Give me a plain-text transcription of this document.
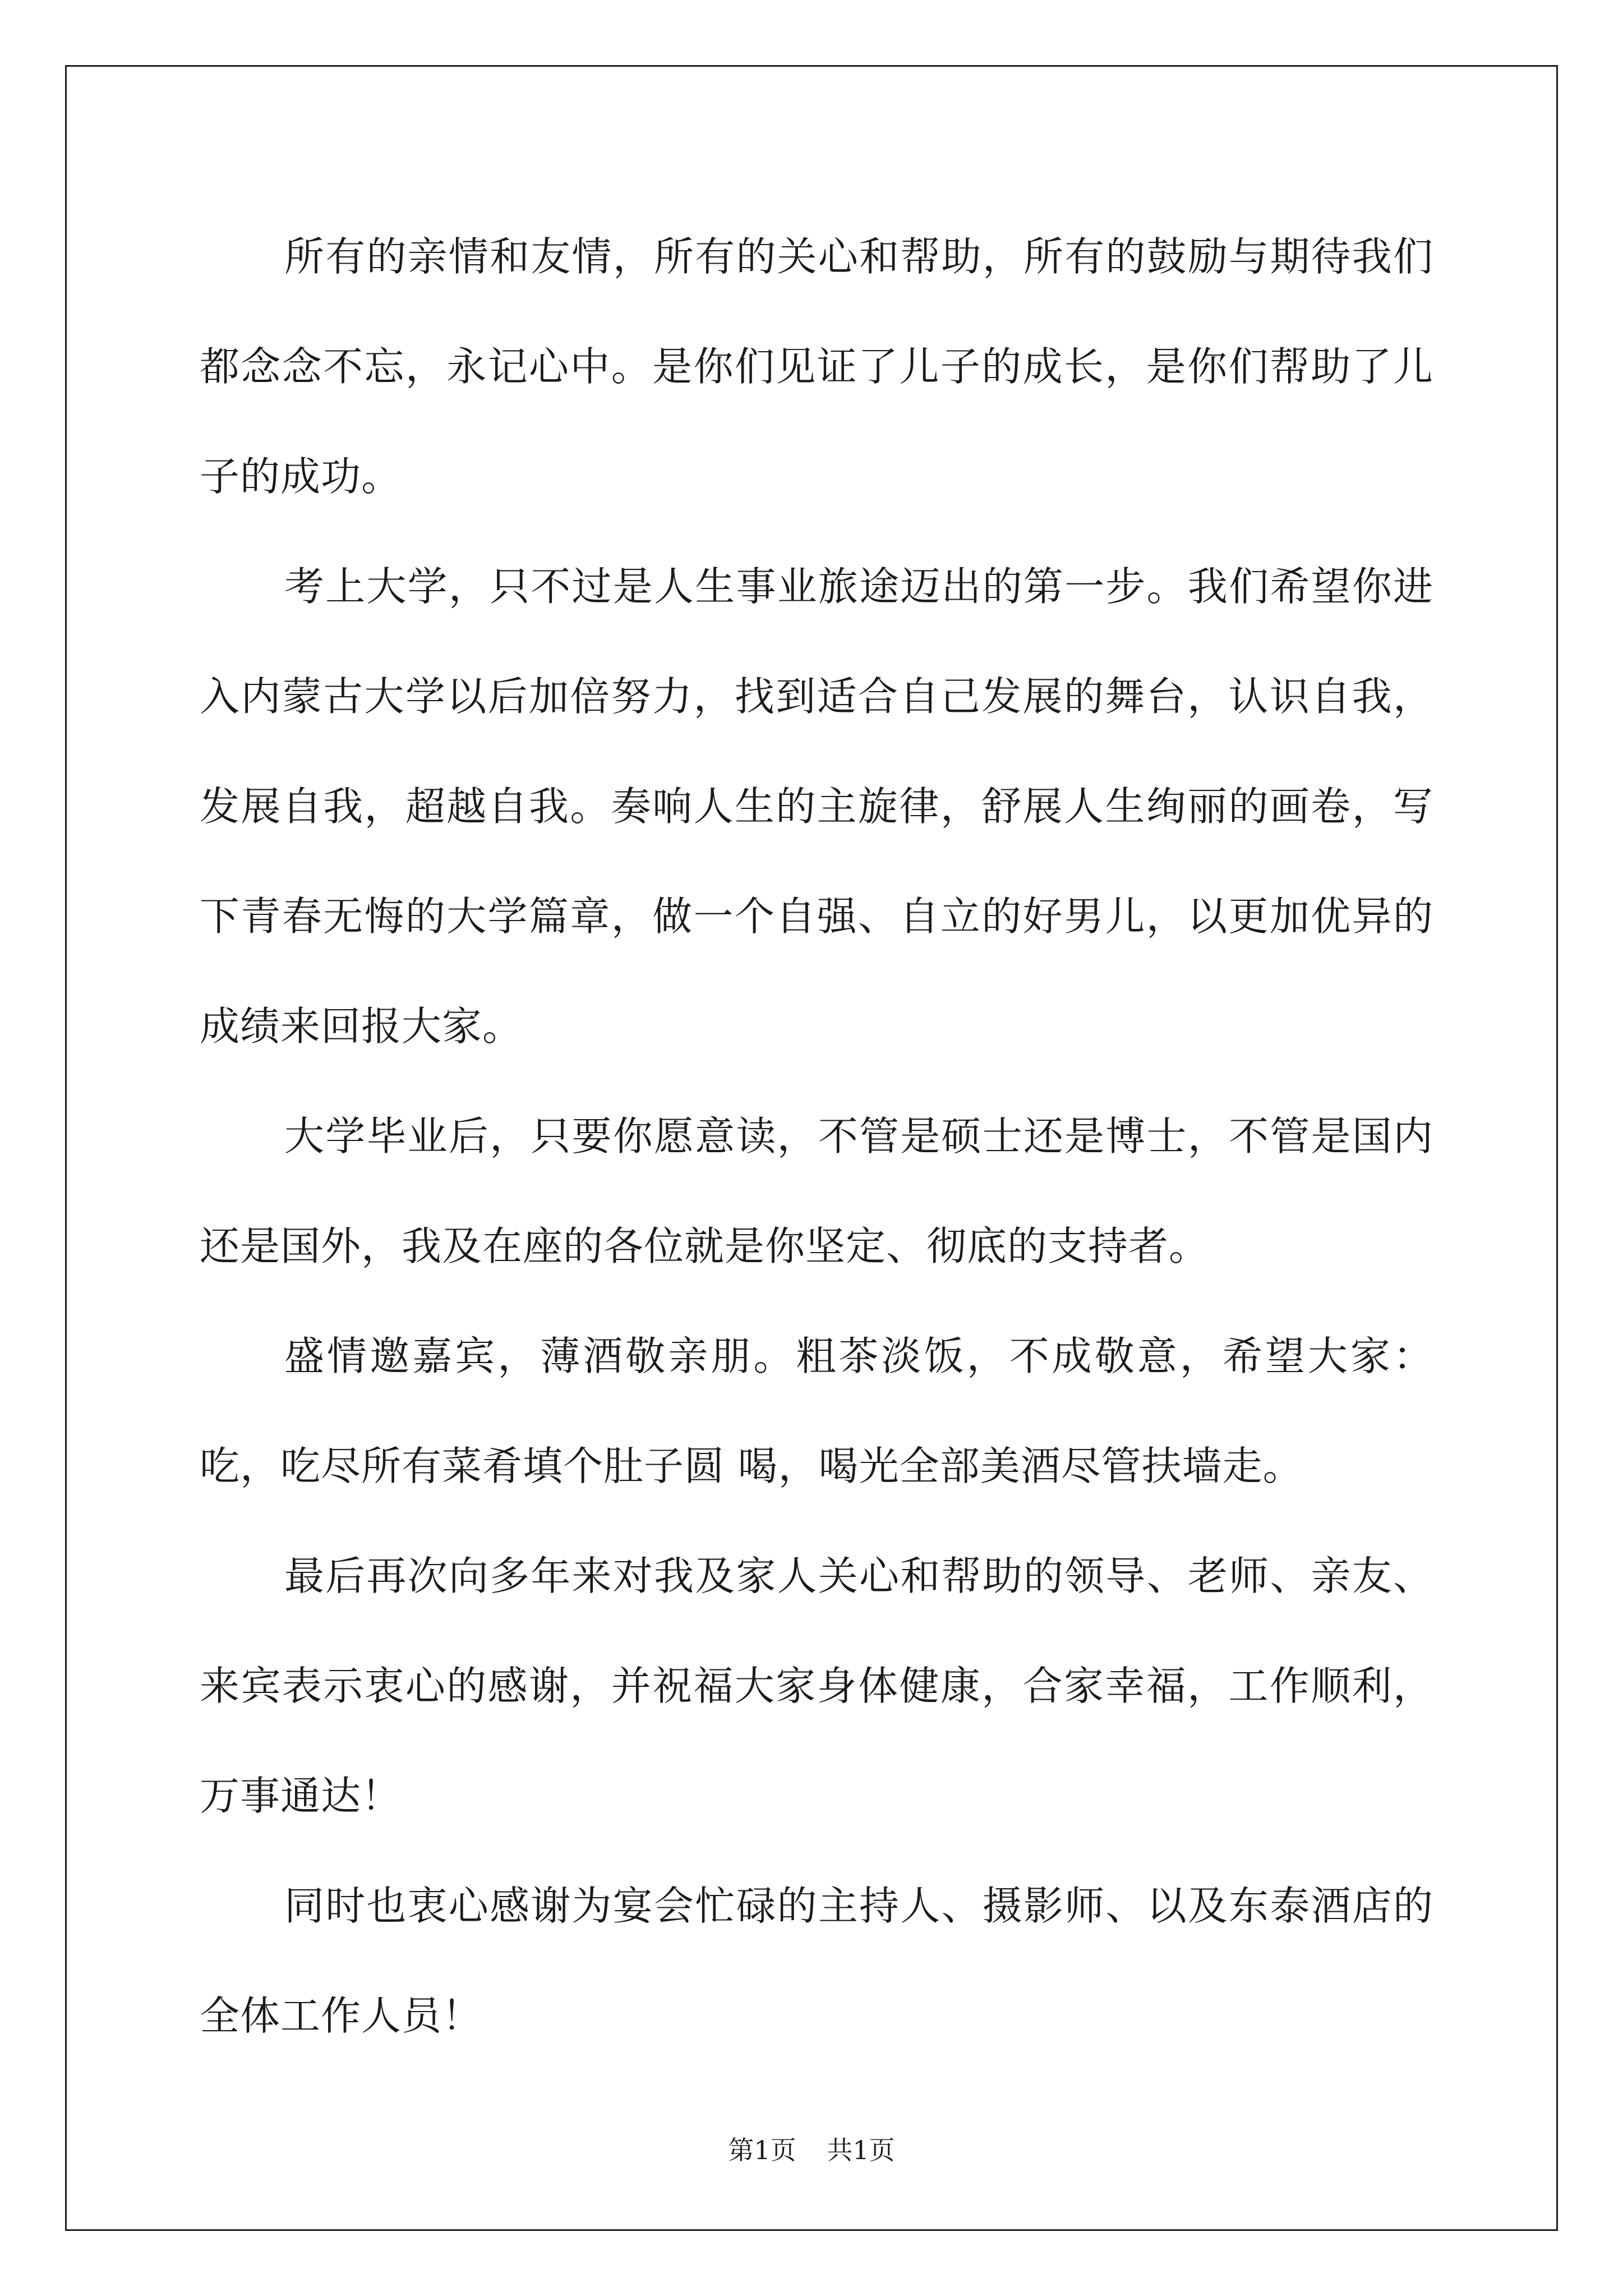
所有的亲情和友情，所有的关心和帮助，所有的鼓励与期待我们都念念不忘，永记心中。是你们见证了儿子的成长，是你们帮助了儿子的成功。

考上大学，只不过是人生事业旅途迈出的第一步。我们希望你进入内蒙古大学以后加倍努力，找到适合自己发展的舞台，认识自我，发展自我，超越自我。奏响人生的主旋律，舒展人生绚丽的画卷，写下青春无悔的大学篇章，做一个自强、自立的好男儿，以更加优异的成绩来回报大家。

大学毕业后，只要你愿意读，不管是硕士还是博士，不管是国内还是国外，我及在座的各位就是你坚定、彻底的支持者。

盛情邀嘉宾，薄酒敬亲朋。粗茶淡饭，不成敬意，希望大家：吃，吃尽所有菜肴填个肚子圆 喝，喝光全部美酒尽管扶墙走。

最后再次向多年来对我及家人关心和帮助的领导、老师、亲友、来宾表示衷心的感谢，并祝福大家身体健康，合家幸福，工作顺利，万事通达！

同时也衷心感谢为宴会忙碌的主持人、摄影师、以及东泰酒店的全体工作人员！

第1页 共1页
